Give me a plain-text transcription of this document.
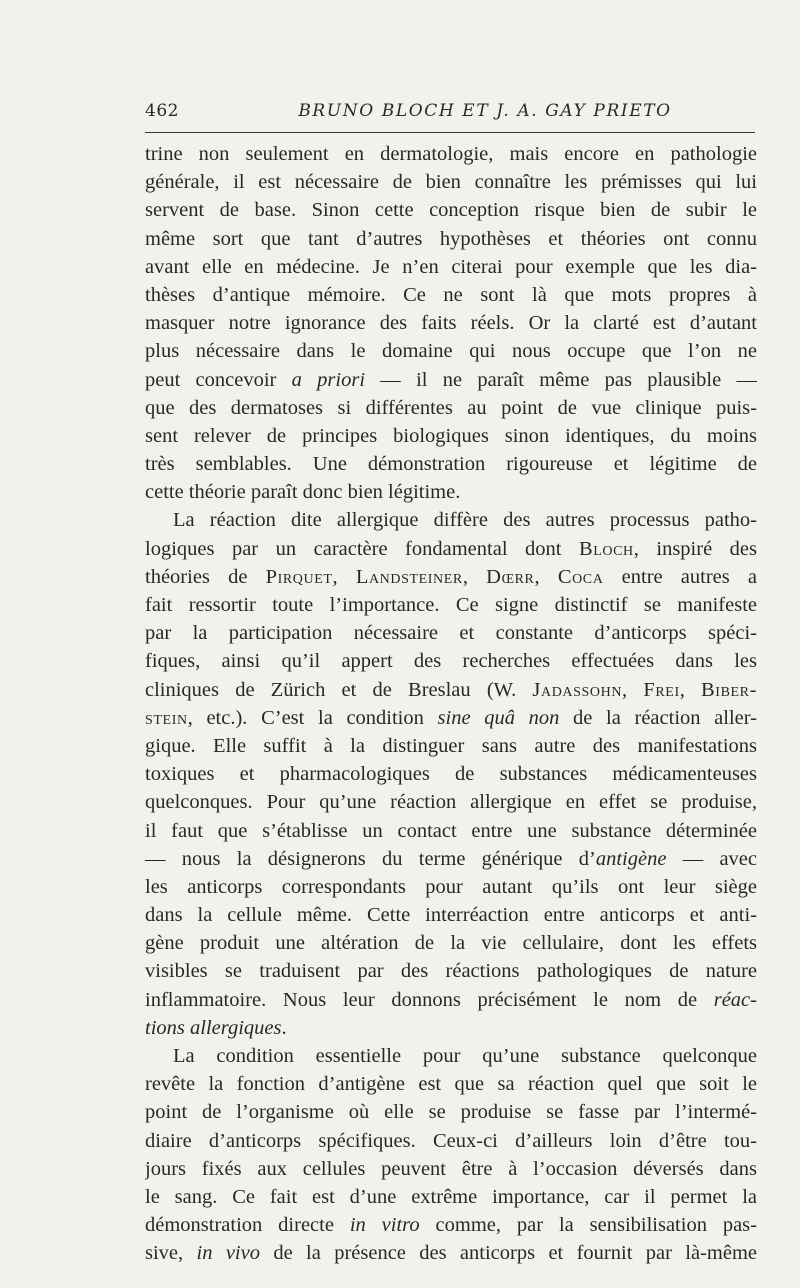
462	BRUNO BLOCH ET J. A. GAY PRIETO
trine non seulement en dermatologie, mais encore en pathologie
générale, il est nécessaire de bien connaître les prémisses qui lui
servent de base. Sinon cette conception risque bien de subir le
même sort que tant d’autres hypothèses et théories ont connu
avant elle en médecine. Je n’en citerai pour exemple que les dia-
thèses d’antique mémoire. Ce ne sont là que mots propres à
masquer notre ignorance des faits réels. Or la clarté est d’autant
plus nécessaire dans le domaine qui nous occupe que l’on ne
peut concevoir a priori — il ne paraît même pas plausible —
que des dermatoses si différentes au point de vue clinique puis-
sent relever de principes biologiques sinon identiques, du moins
très semblables. Une démonstration rigoureuse et légitime de
cette théorie paraît donc bien légitime.
La réaction dite allergique diffère des autres processus patho-
logiques par un caractère fondamental dont Bloch, inspiré des
théories de Pirquet, Landsteiner, Dœrr, Coca entre autres a
fait ressortir toute l’importance. Ce signe distinctif se manifeste
par la participation nécessaire et constante d’anticorps spéci-
fiques, ainsi qu’il appert des recherches effectuées dans les
cliniques de Zürich et de Breslau (W. Jadassohn, Frei, Biber-
stein, etc.). C’est la condition sine quâ non de la réaction aller-
gique. Elle suffit à la distinguer sans autre des manifestations
toxiques et pharmacologiques de substances médicamenteuses
quelconques. Pour qu’une réaction allergique en effet se produise,
il faut que s’établisse un contact entre une substance déterminée
— nous la désignerons du terme générique d’antigène — avec
les anticorps correspondants pour autant qu’ils ont leur siège
dans la cellule même. Cette interréaction entre anticorps et anti-
gène produit une altération de la vie cellulaire, dont les effets
visibles se traduisent par des réactions pathologiques de nature
inflammatoire. Nous leur donnons précisément le nom de réac-
tions allergiques.
La condition essentielle pour qu’une substance quelconque
revête la fonction d’antigène est que sa réaction quel que soit le
point de l’organisme où elle se produise se fasse par l’intermé-
diaire d’anticorps spécifiques. Ceux-ci d’ailleurs loin d’être tou-
jours fixés aux cellules peuvent être à l’occasion déversés dans
le sang. Ce fait est d’une extrême importance, car il permet la
démonstration directe in vitro comme, par la sensibilisation pas-
sive, in vivo de la présence des anticorps et fournit par là-même
